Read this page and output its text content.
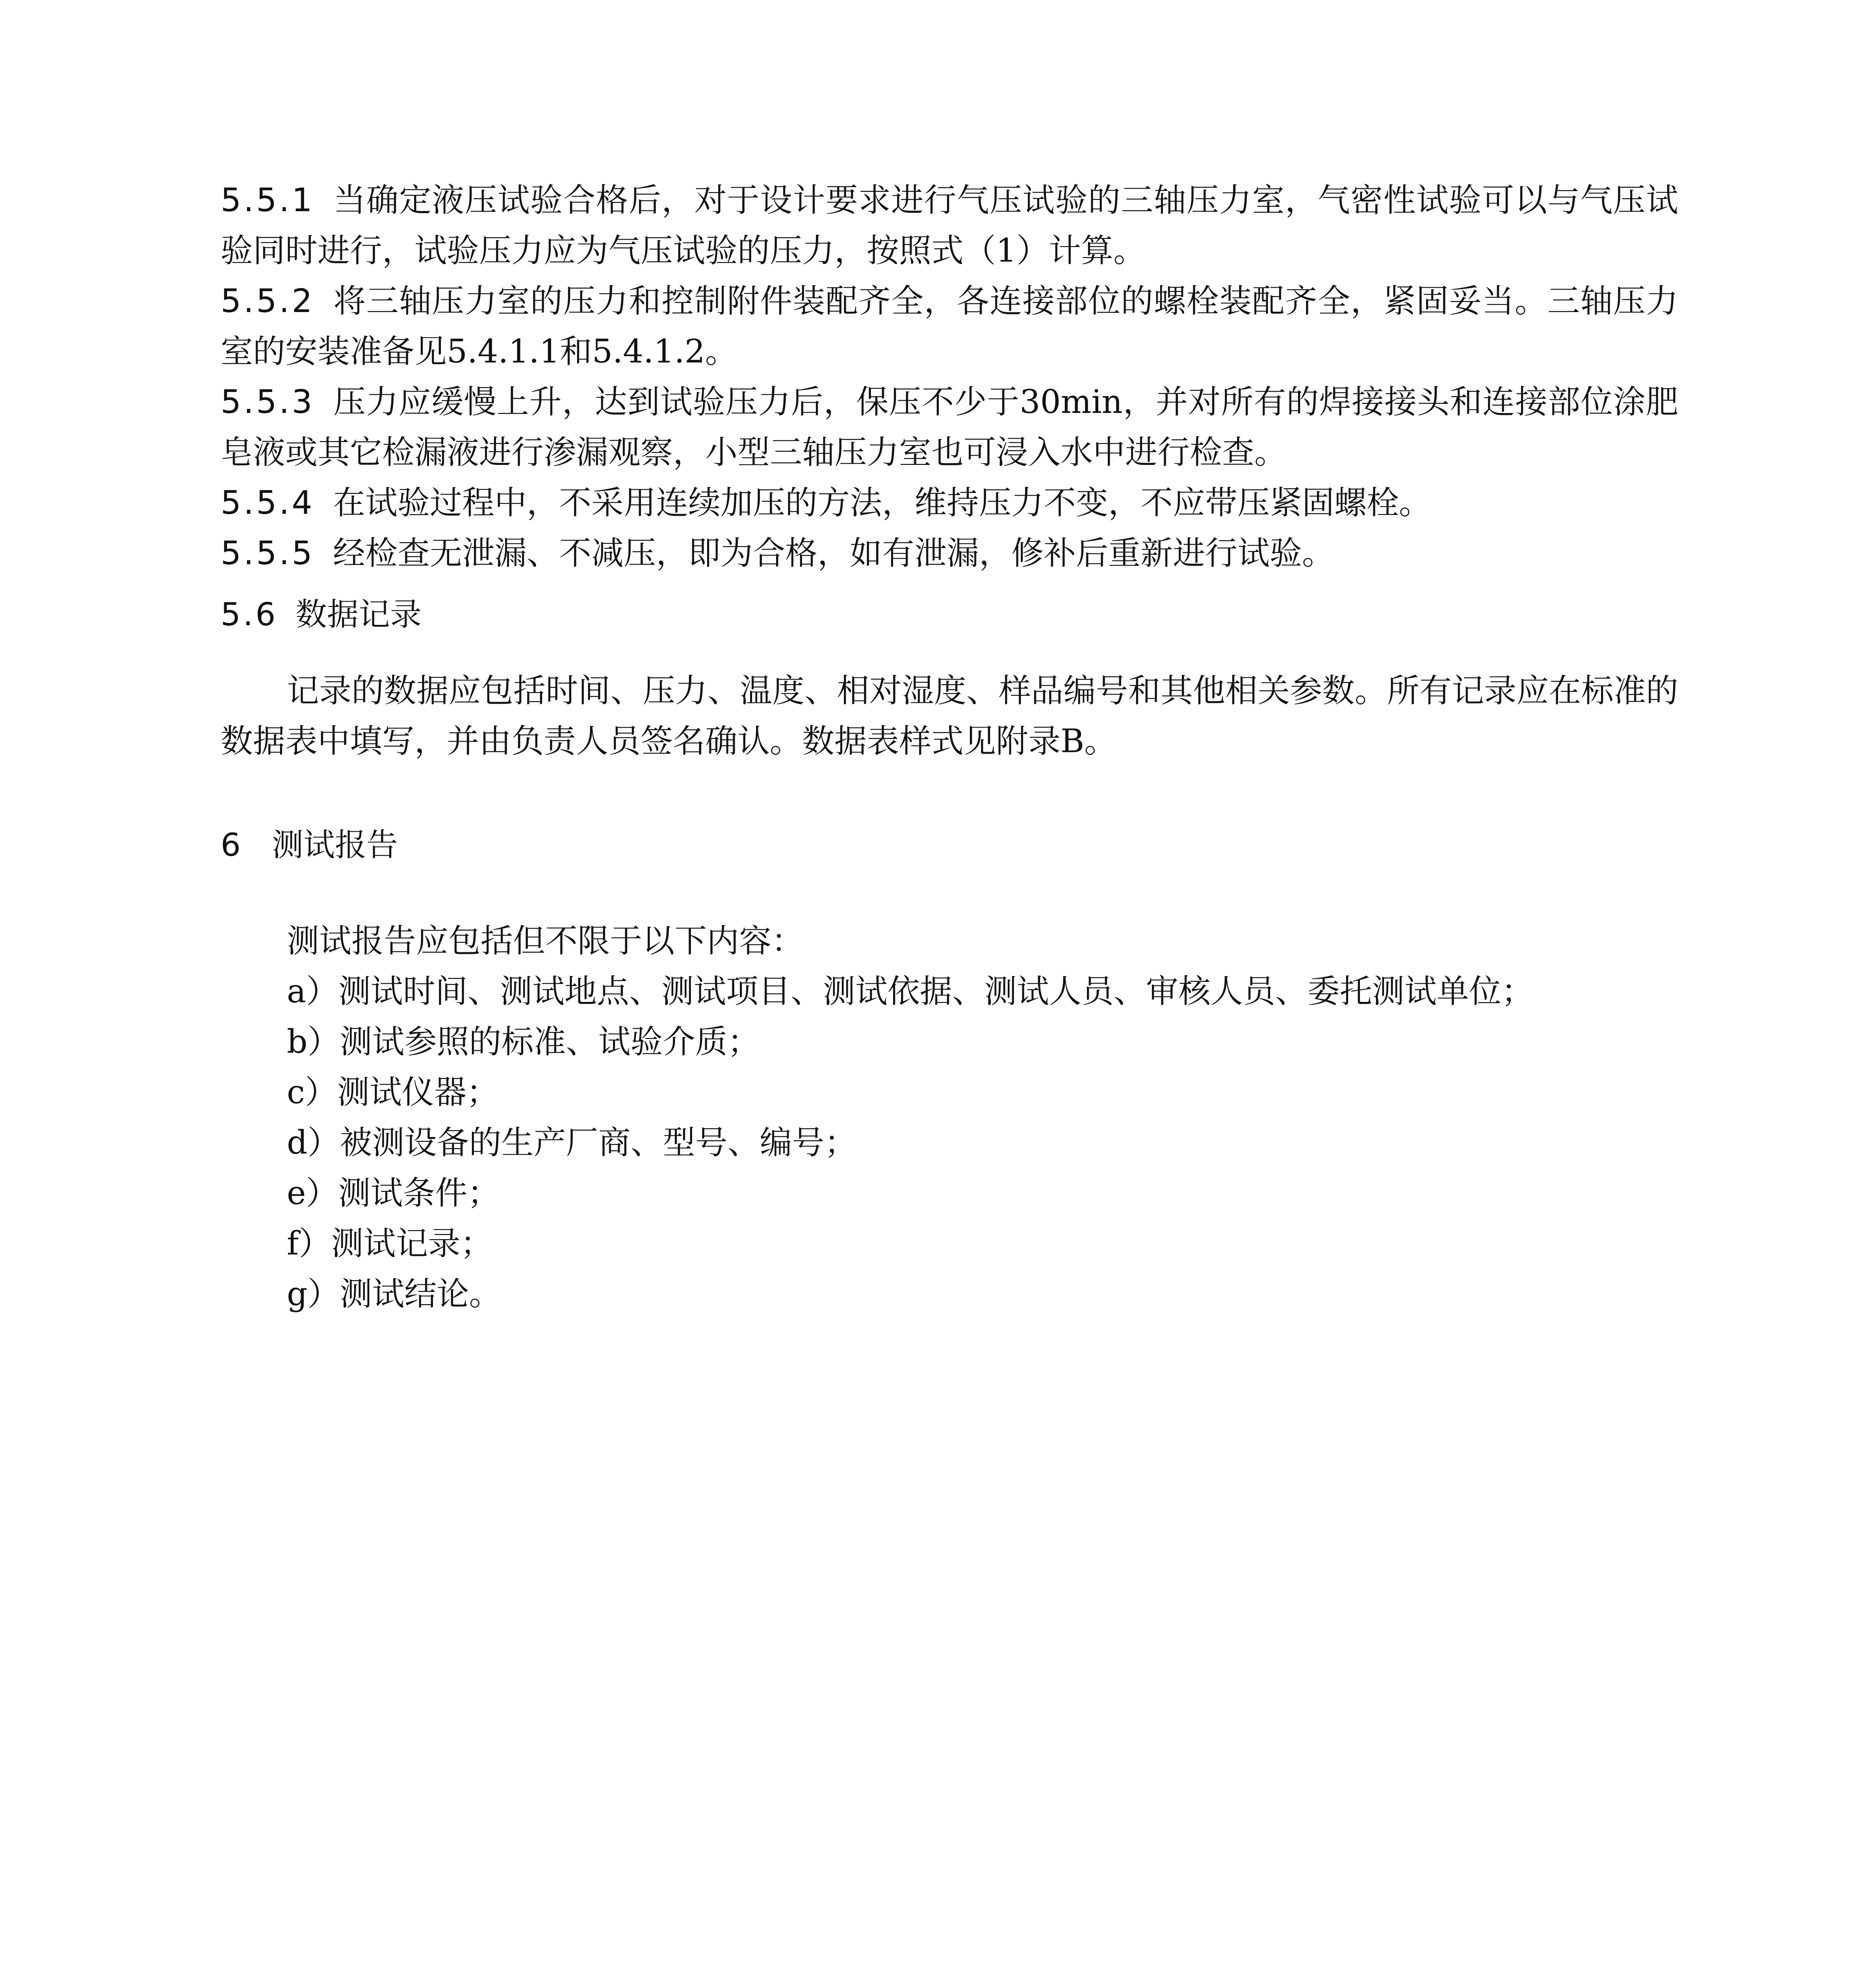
5.5.1 当确定液压试验合格后，对于设计要求进行气压试验的三轴压力室，气密性试验可以与气压试验同时进行，试验压力应为气压试验的压力，按照式（1）计算。

5.5.2 将三轴压力室的压力和控制附件装配齐全，各连接部位的螺栓装配齐全，紧固妥当。三轴压力室的安装准备见5.4.1.1和5.4.1.2。

5.5.3 压力应缓慢上升，达到试验压力后，保压不少于30min，并对所有的焊接接头和连接部位涂肥皂液或其它检漏液进行渗漏观察，小型三轴压力室也可浸入水中进行检查。

5.5.4 在试验过程中，不采用连续加压的方法，维持压力不变，不应带压紧固螺栓。

5.5.5 经检查无泄漏、不减压，即为合格，如有泄漏，修补后重新进行试验。

5.6 数据记录

记录的数据应包括时间、压力、温度、相对湿度、样品编号和其他相关参数。所有记录应在标准的数据表中填写，并由负责人员签名确认。数据表样式见附录B。

6 测试报告

测试报告应包括但不限于以下内容：

a）测试时间、测试地点、测试项目、测试依据、测试人员、审核人员、委托测试单位；

b）测试参照的标准、试验介质；

c）测试仪器；

d）被测设备的生产厂商、型号、编号；

e）测试条件；

f）测试记录；

g）测试结论。
